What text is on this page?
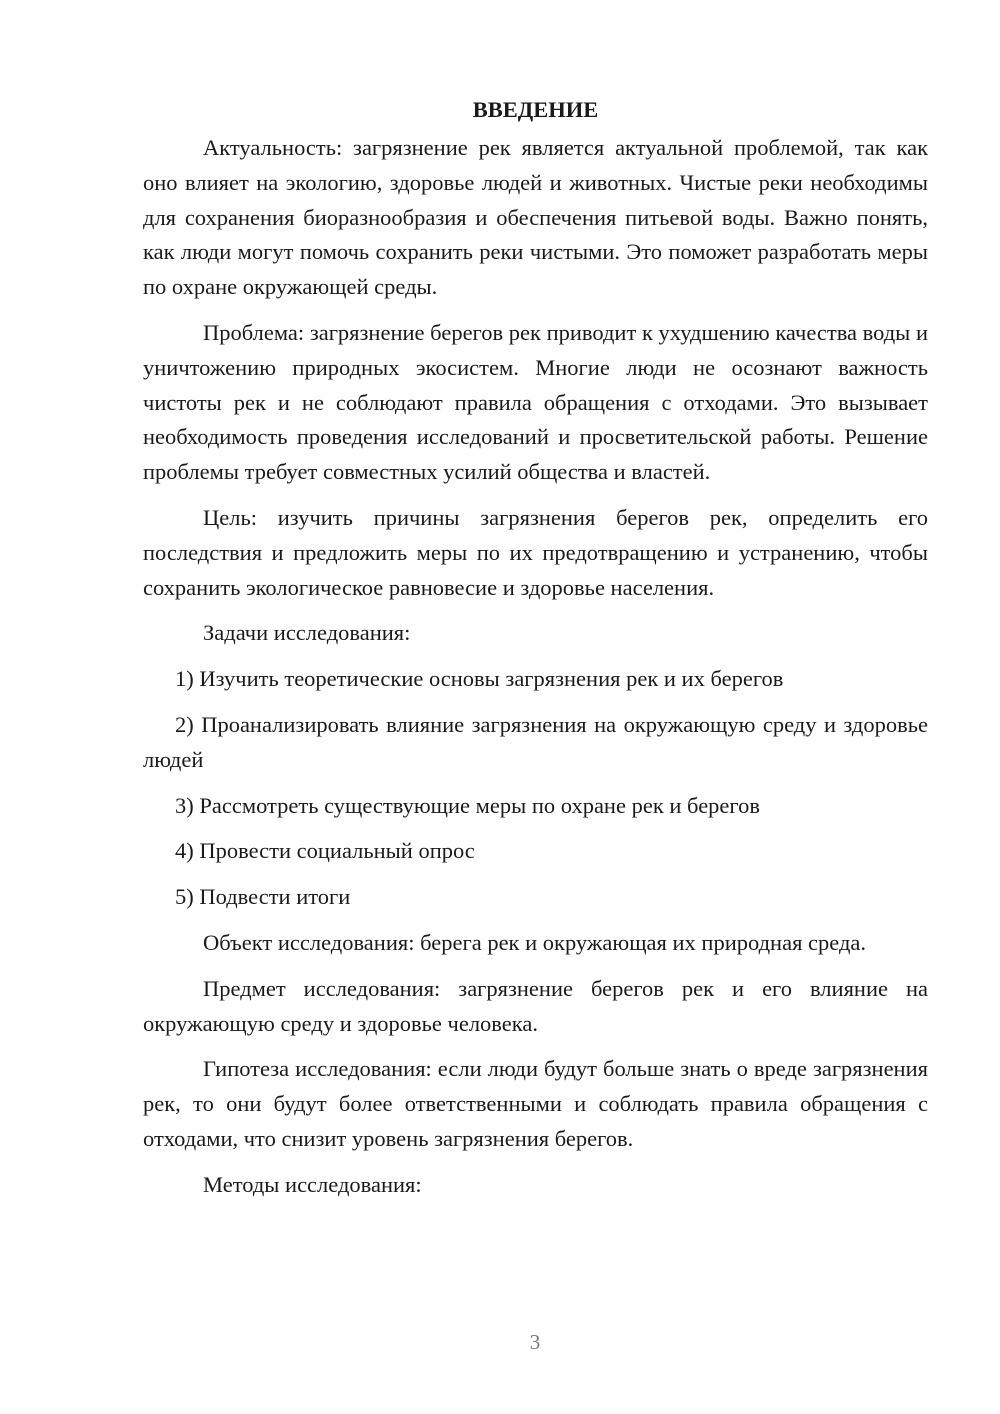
ВВЕДЕНИЕ

Актуальность: загрязнение рек является актуальной проблемой, так как оно влияет на экологию, здоровье людей и животных. Чистые реки необходимы для сохранения биоразнообразия и обеспечения питьевой воды. Важно понять, как люди могут помочь сохранить реки чистыми. Это поможет разработать меры по охране окружающей среды.

Проблема: загрязнение берегов рек приводит к ухудшению качества воды и уничтожению природных экосистем. Многие люди не осознают важность чистоты рек и не соблюдают правила обращения с отходами. Это вызывает необходимость проведения исследований и просветительской работы. Решение проблемы требует совместных усилий общества и властей.

Цель: изучить причины загрязнения берегов рек, определить его последствия и предложить меры по их предотвращению и устранению, чтобы сохранить экологическое равновесие и здоровье населения.

Задачи исследования:

1) Изучить теоретические основы загрязнения рек и их берегов

2) Проанализировать влияние загрязнения на окружающую среду и здоровье людей

3) Рассмотреть существующие меры по охране рек и берегов

4) Провести социальный опрос

5) Подвести итоги

Объект исследования: берега рек и окружающая их природная среда.

Предмет исследования: загрязнение берегов рек и его влияние на окружающую среду и здоровье человека.

Гипотеза исследования: если люди будут больше знать о вреде загрязнения рек, то они будут более ответственными и соблюдать правила обращения с отходами, что снизит уровень загрязнения берегов.

Методы исследования:

3
